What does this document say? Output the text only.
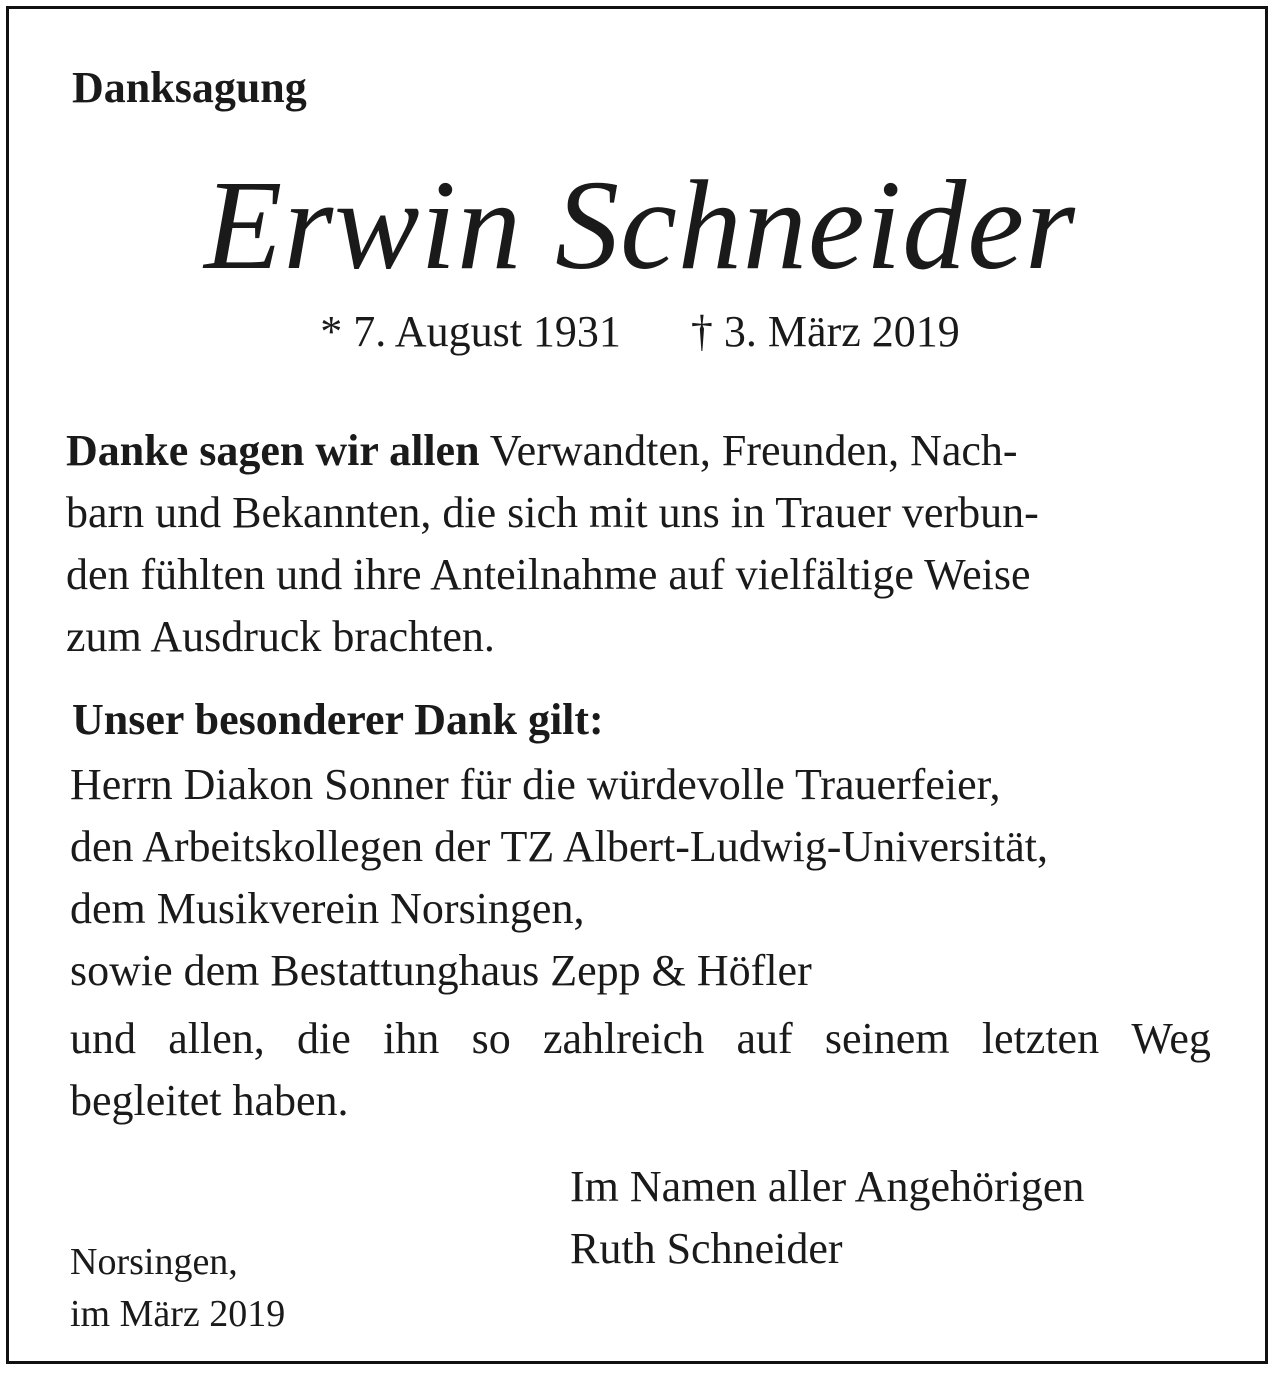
Danksagung
Erwin Schneider
* 7. August 1931 † 3. März 2019
Danke sagen wir allen Verwandten, Freunden, Nach-
barn und Bekannten, die sich mit uns in Trauer verbun-
den fühlten und ihre Anteilnahme auf vielfältige Weise
zum Ausdruck brachten.
Unser besonderer Dank gilt:
Herrn Diakon Sonner für die würdevolle Trauerfeier,
den Arbeitskollegen der TZ Albert-Ludwig-Universität,
dem Musikverein Norsingen,
sowie dem Bestattunghaus Zepp & Höfler
und allen, die ihn so zahlreich auf seinem letzten Weg
begleitet haben.
Im Namen aller Angehörigen
Ruth Schneider
Norsingen,
im März 2019
